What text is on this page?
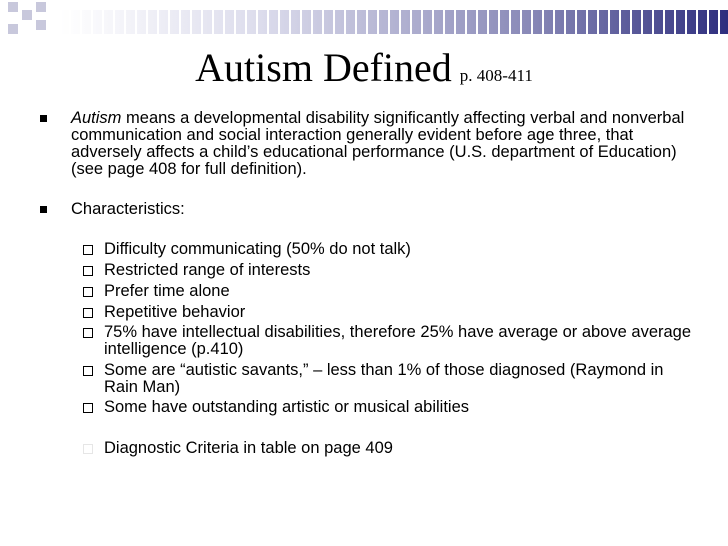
Autism Defined p. 408-411
Autism means a developmental disability significantly affecting verbal and nonverbal communication and social interaction generally evident before age three, that adversely affects a child’s educational performance (U.S. department of Education) (see page 408 for full definition).
Characteristics:
Difficulty communicating (50% do not talk)
Restricted range of interests
Prefer time alone
Repetitive behavior
75% have intellectual disabilities, therefore 25% have average or above average intelligence (p.410)
Some are “autistic savants,” – less than 1% of those diagnosed (Raymond in Rain Man)
Some have outstanding artistic or musical abilities
Diagnostic Criteria in table on page 409
